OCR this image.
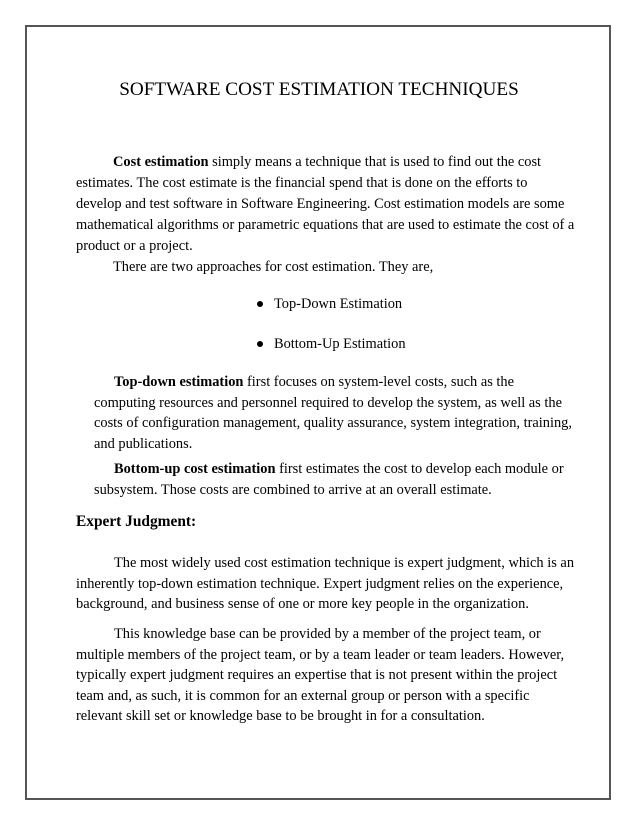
SOFTWARE COST ESTIMATION TECHNIQUES

Cost estimation simply means a technique that is used to find out the cost estimates. The cost estimate is the financial spend that is done on the efforts to develop and test software in Software Engineering. Cost estimation models are some mathematical algorithms or parametric equations that are used to estimate the cost of a product or a project.

There are two approaches for cost estimation. They are,

Top-Down Estimation
Bottom-Up Estimation

Top-down estimation first focuses on system-level costs, such as the computing resources and personnel required to develop the system, as well as the costs of configuration management, quality assurance, system integration, training, and publications.

Bottom-up cost estimation first estimates the cost to develop each module or subsystem. Those costs are combined to arrive at an overall estimate.

Expert Judgment:

The most widely used cost estimation technique is expert judgment, which is an inherently top-down estimation technique. Expert judgment relies on the experience, background, and business sense of one or more key people in the organization.

This knowledge base can be provided by a member of the project team, or multiple members of the project team, or by a team leader or team leaders. However, typically expert judgment requires an expertise that is not present within the project team and, as such, it is common for an external group or person with a specific relevant skill set or knowledge base to be brought in for a consultation.
